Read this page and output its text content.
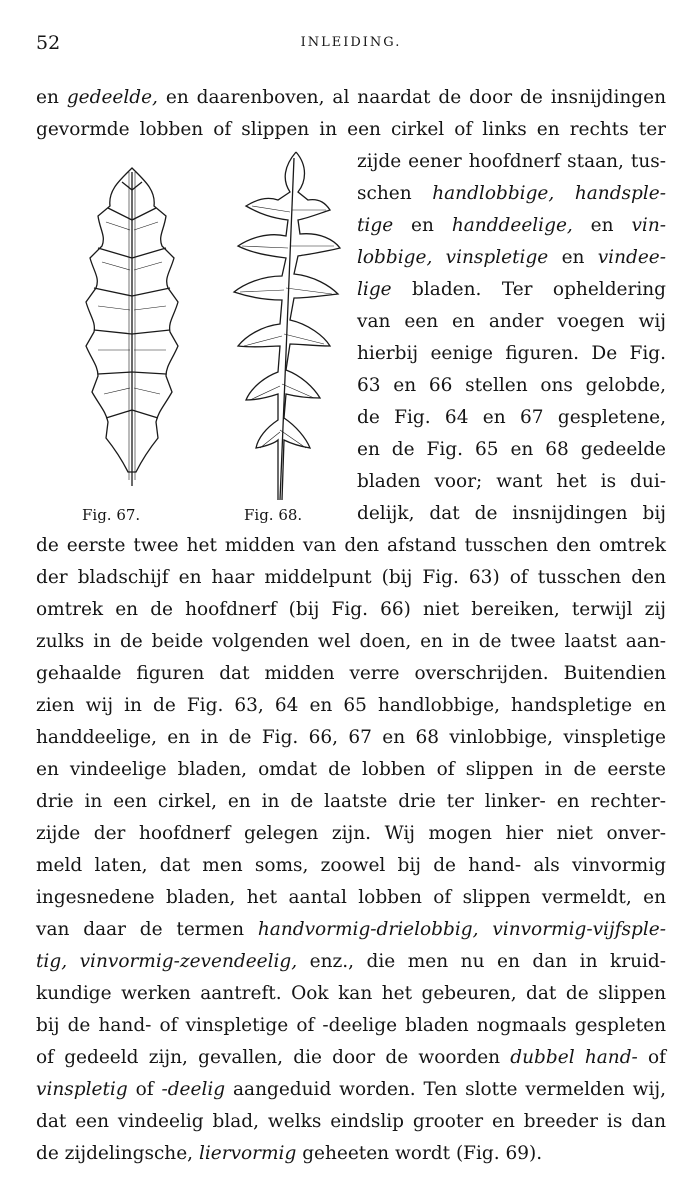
52	INLEIDING.
Fig. 67.	Fig. 68.
en gedeelde, en daarenboven, al naardat de door de insnijdingen
gevormde lobben of slippen in een cirkel of links en rechts ter
zijde eener hoofdnerf staan, tus-
schen handlobbige, handsple-
tige en handdeelige, en vin-
lobbige, vinspletige en vindee-
lige bladen. Ter opheldering
van een en ander voegen wij
hierbij eenige figuren. De Fig.
63 en 66 stellen ons gelobde,
de Fig. 64 en 67 gespletene,
en de Fig. 65 en 68 gedeelde
bladen voor; want het is dui-
delijk, dat de insnijdingen bij
de eerste twee het midden van den afstand tusschen den omtrek
der bladschijf en haar middelpunt (bij Fig. 63) of tusschen den
omtrek en de hoofdnerf (bij Fig. 66) niet bereiken, terwijl zij
zulks in de beide volgenden wel doen, en in de twee laatst aan-
gehaalde figuren dat midden verre overschrijden. Buitendien
zien wij in de Fig. 63, 64 en 65 handlobbige, handspletige en
handdeelige, en in de Fig. 66, 67 en 68 vinlobbige, vinspletige
en vindeelige bladen, omdat de lobben of slippen in de eerste
drie in een cirkel, en in de laatste drie ter linker- en rechter-
zijde der hoofdnerf gelegen zijn. Wij mogen hier niet onver-
meld laten, dat men soms, zoowel bij de hand- als vinvormig
ingesnedene bladen, het aantal lobben of slippen vermeldt, en
van daar de termen handvormig-drielobbig, vinvormig-vijfsple-
tig, vinvormig-zevendeelig, enz., die men nu en dan in kruid-
kundige werken aantreft. Ook kan het gebeuren, dat de slippen
bij de hand- of vinspletige of -deelige bladen nogmaals gespleten
of gedeeld zijn, gevallen, die door de woorden dubbel hand- of
vinspletig of -deelig aangeduid worden. Ten slotte vermelden wij,
dat een vindeelig blad, welks eindslip grooter en breeder is dan
de zijdelingsche, liervormig geheeten wordt (Fig. 69).
